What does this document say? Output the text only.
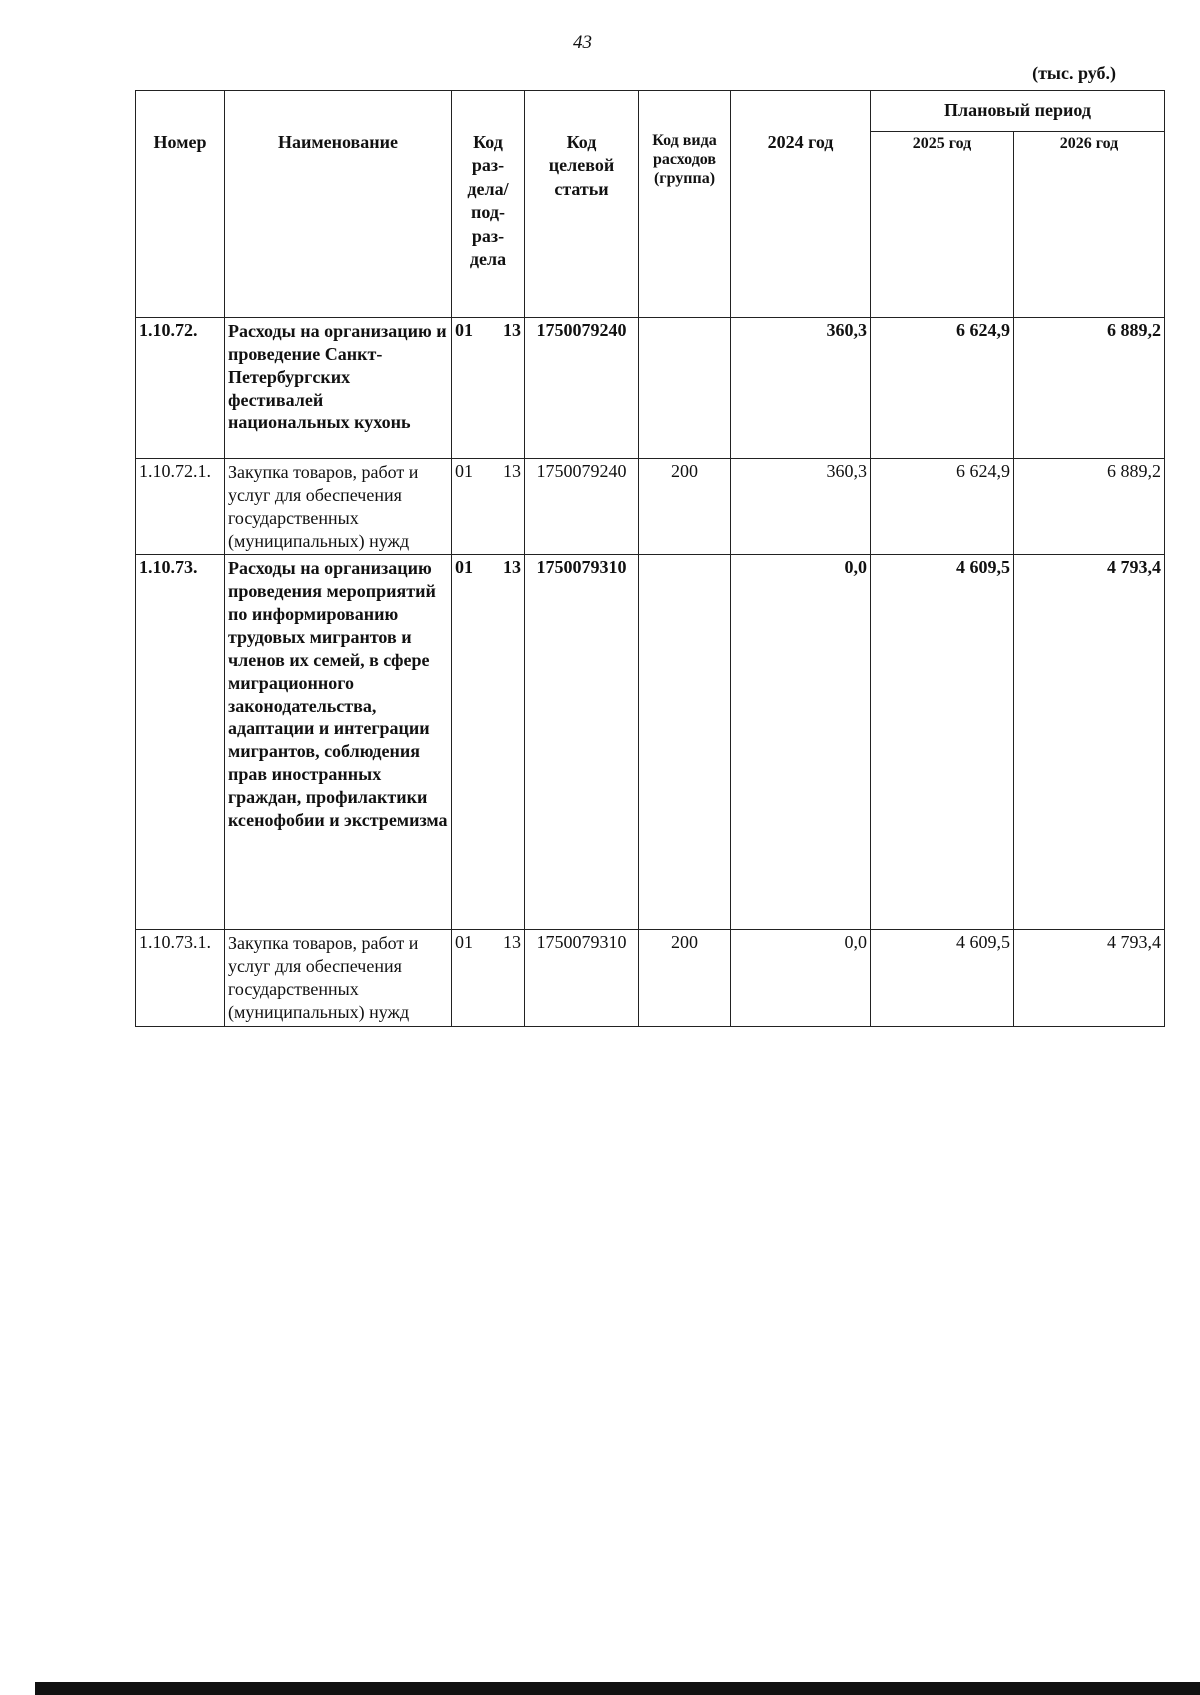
43
(тыс. руб.)
Номер	Наименование	Код раз-дела/ под-раз-дела	Код целевой статьи	Код вида расходов (группа)	2024 год	Плановый период	
						2025 год	2026 год
1.10.72.	Расходы на организацию и проведение Санкт-Петербургских фестивалей национальных кухонь	01 13	1750079240		360,3	6 624,9	6 889,2
1.10.72.1.	Закупка товаров, работ и услуг для обеспечения государственных (муниципальных) нужд	01 13	1750079240	200	360,3	6 624,9	6 889,2
1.10.73.	Расходы на организацию проведения мероприятий по информированию трудовых мигрантов и членов их семей, в сфере миграционного законодательства, адаптации и интеграции мигрантов, соблюдения прав иностранных граждан, профилактики ксенофобии и экстремизма	01 13	1750079310		0,0	4 609,5	4 793,4
1.10.73.1.	Закупка товаров, работ и услуг для обеспечения государственных (муниципальных) нужд	01 13	1750079310	200	0,0	4 609,5	4 793,4
